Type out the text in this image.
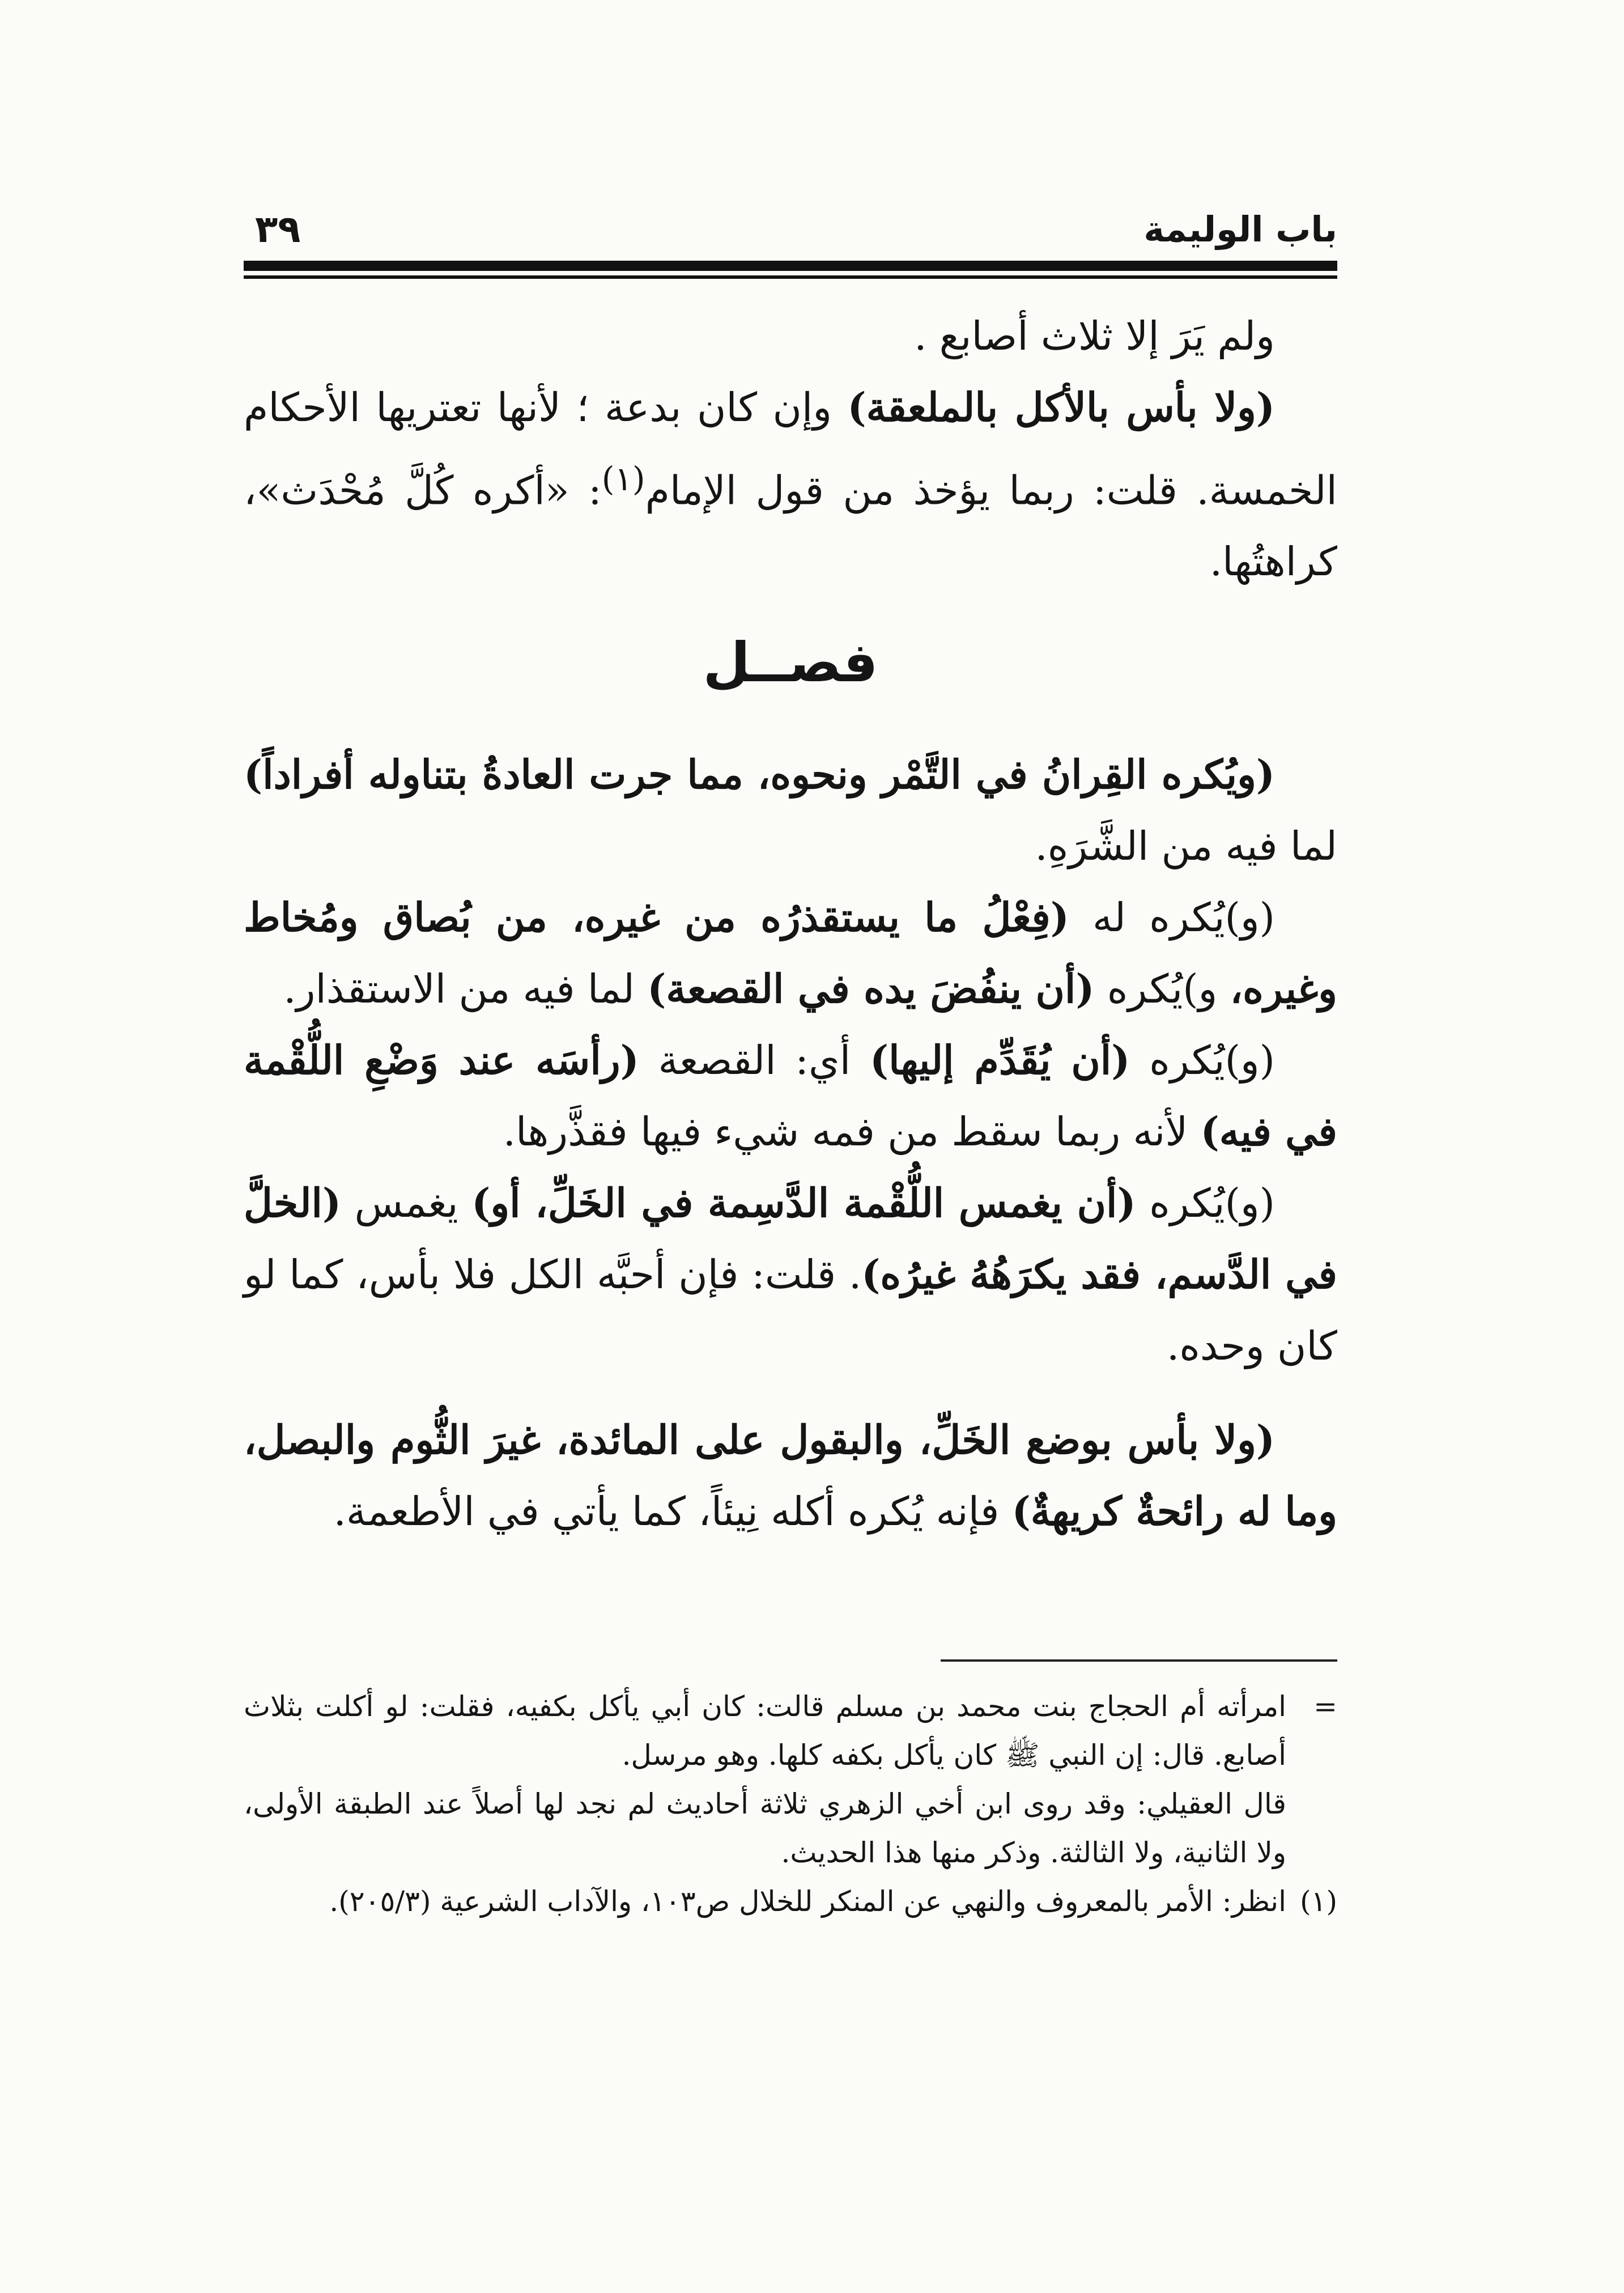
باب الوليمة
٣٩

ولم يَرَ إلا ثلاث أصابع .

(ولا بأس بالأكل بالملعقة) وإن كان بدعة ؛ لأنها تعتريها الأحكام الخمسة. قلت: ربما يؤخذ من قول الإمام$^{(١)}$: «أكره كُلَّ مُحْدَث»، كراهتُها.

فصــل

(ويُكره القِرانُ في التَّمْر ونحوه، مما جرت العادةُ بتناوله أفراداً) لما فيه من الشَّرَهِ.

(و)يُكره له (فِعْلُ ما يستقذرُه من غيره، من بُصاق ومُخاط وغيره، و)يُكره (أن ينفُضَ يده في القصعة) لما فيه من الاستقذار.

(و)يُكره (أن يُقَدِّم إليها) أي: القصعة (رأسَه عند وَضْعِ اللُّقْمة في فيه) لأنه ربما سقط من فمه شيء فيها فقذَّرها.

(و)يُكره (أن يغمس اللُّقْمة الدَّسِمة في الخَلِّ، أو) يغمس (الخلَّ في الدَّسم، فقد يكرَهُهُ غيرُه). قلت: فإن أحبَّه الكل فلا بأس، كما لو كان وحده.

(ولا بأس بوضع الخَلِّ، والبقول على المائدة، غيرَ الثُّوم والبصل، وما له رائحةٌ كريهةٌ) فإنه يُكره أكله نِيئاً، كما يأتي في الأطعمة.

=
امرأته أم الحجاج بنت محمد بن مسلم قالت: كان أبي يأكل بكفيه، فقلت: لو أكلت بثلاث أصابع. قال: إن النبي ﷺ كان يأكل بكفه كلها. وهو مرسل.

قال العقيلي: وقد روى ابن أخي الزهري ثلاثة أحاديث لم نجد لها أصلاً عند الطبقة الأولى، ولا الثانية، ولا الثالثة. وذكر منها هذا الحديث.

(١)
انظر: الأمر بالمعروف والنهي عن المنكر للخلال ص١٠٣، والآداب الشرعية (٢٠٥/٣).
